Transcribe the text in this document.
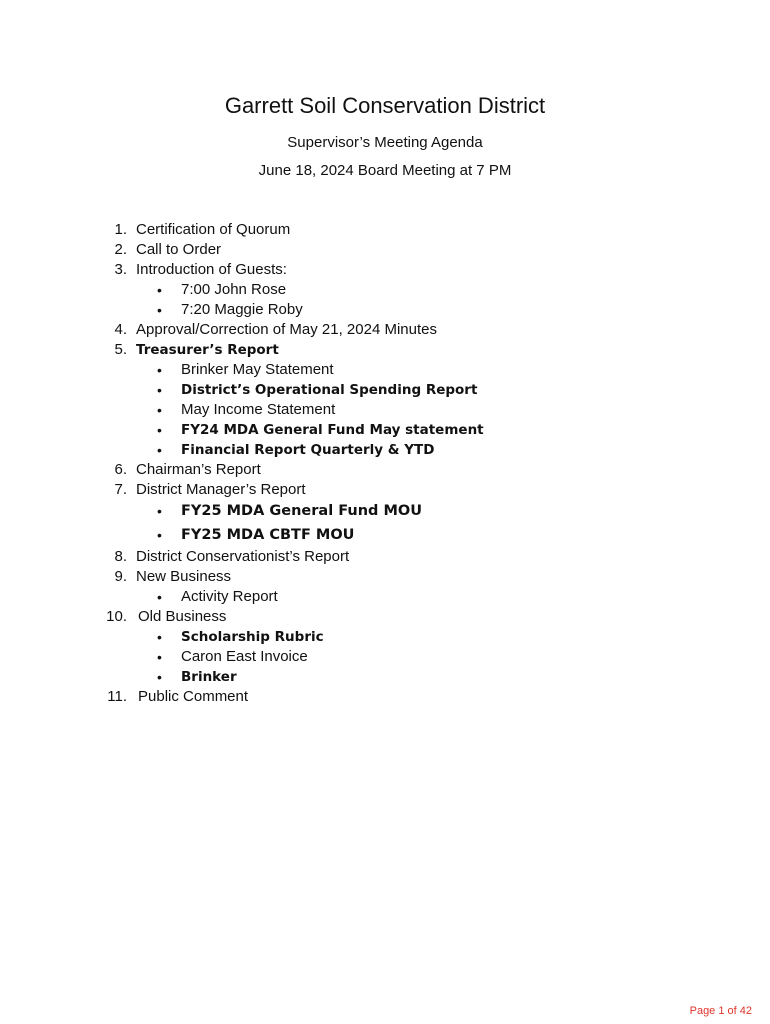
Garrett Soil Conservation District
Supervisor’s Meeting Agenda
June 18, 2024 Board Meeting at 7 PM
1. Certification of Quorum
2. Call to Order
3. Introduction of Guests:
• 7:00 John Rose
• 7:20 Maggie Roby
4. Approval/Correction of May 21, 2024 Minutes
5. Treasurer’s Report
• Brinker May Statement
• District’s Operational Spending Report
• May Income Statement
• FY24 MDA General Fund May statement
• Financial Report Quarterly & YTD
6. Chairman’s Report
7. District Manager’s Report
• FY25 MDA General Fund MOU
• FY25 MDA CBTF MOU
8. District Conservationist’s Report
9. New Business
• Activity Report
10. Old Business
• Scholarship Rubric
• Caron East Invoice
• Brinker
11. Public Comment
Page 1 of 42
